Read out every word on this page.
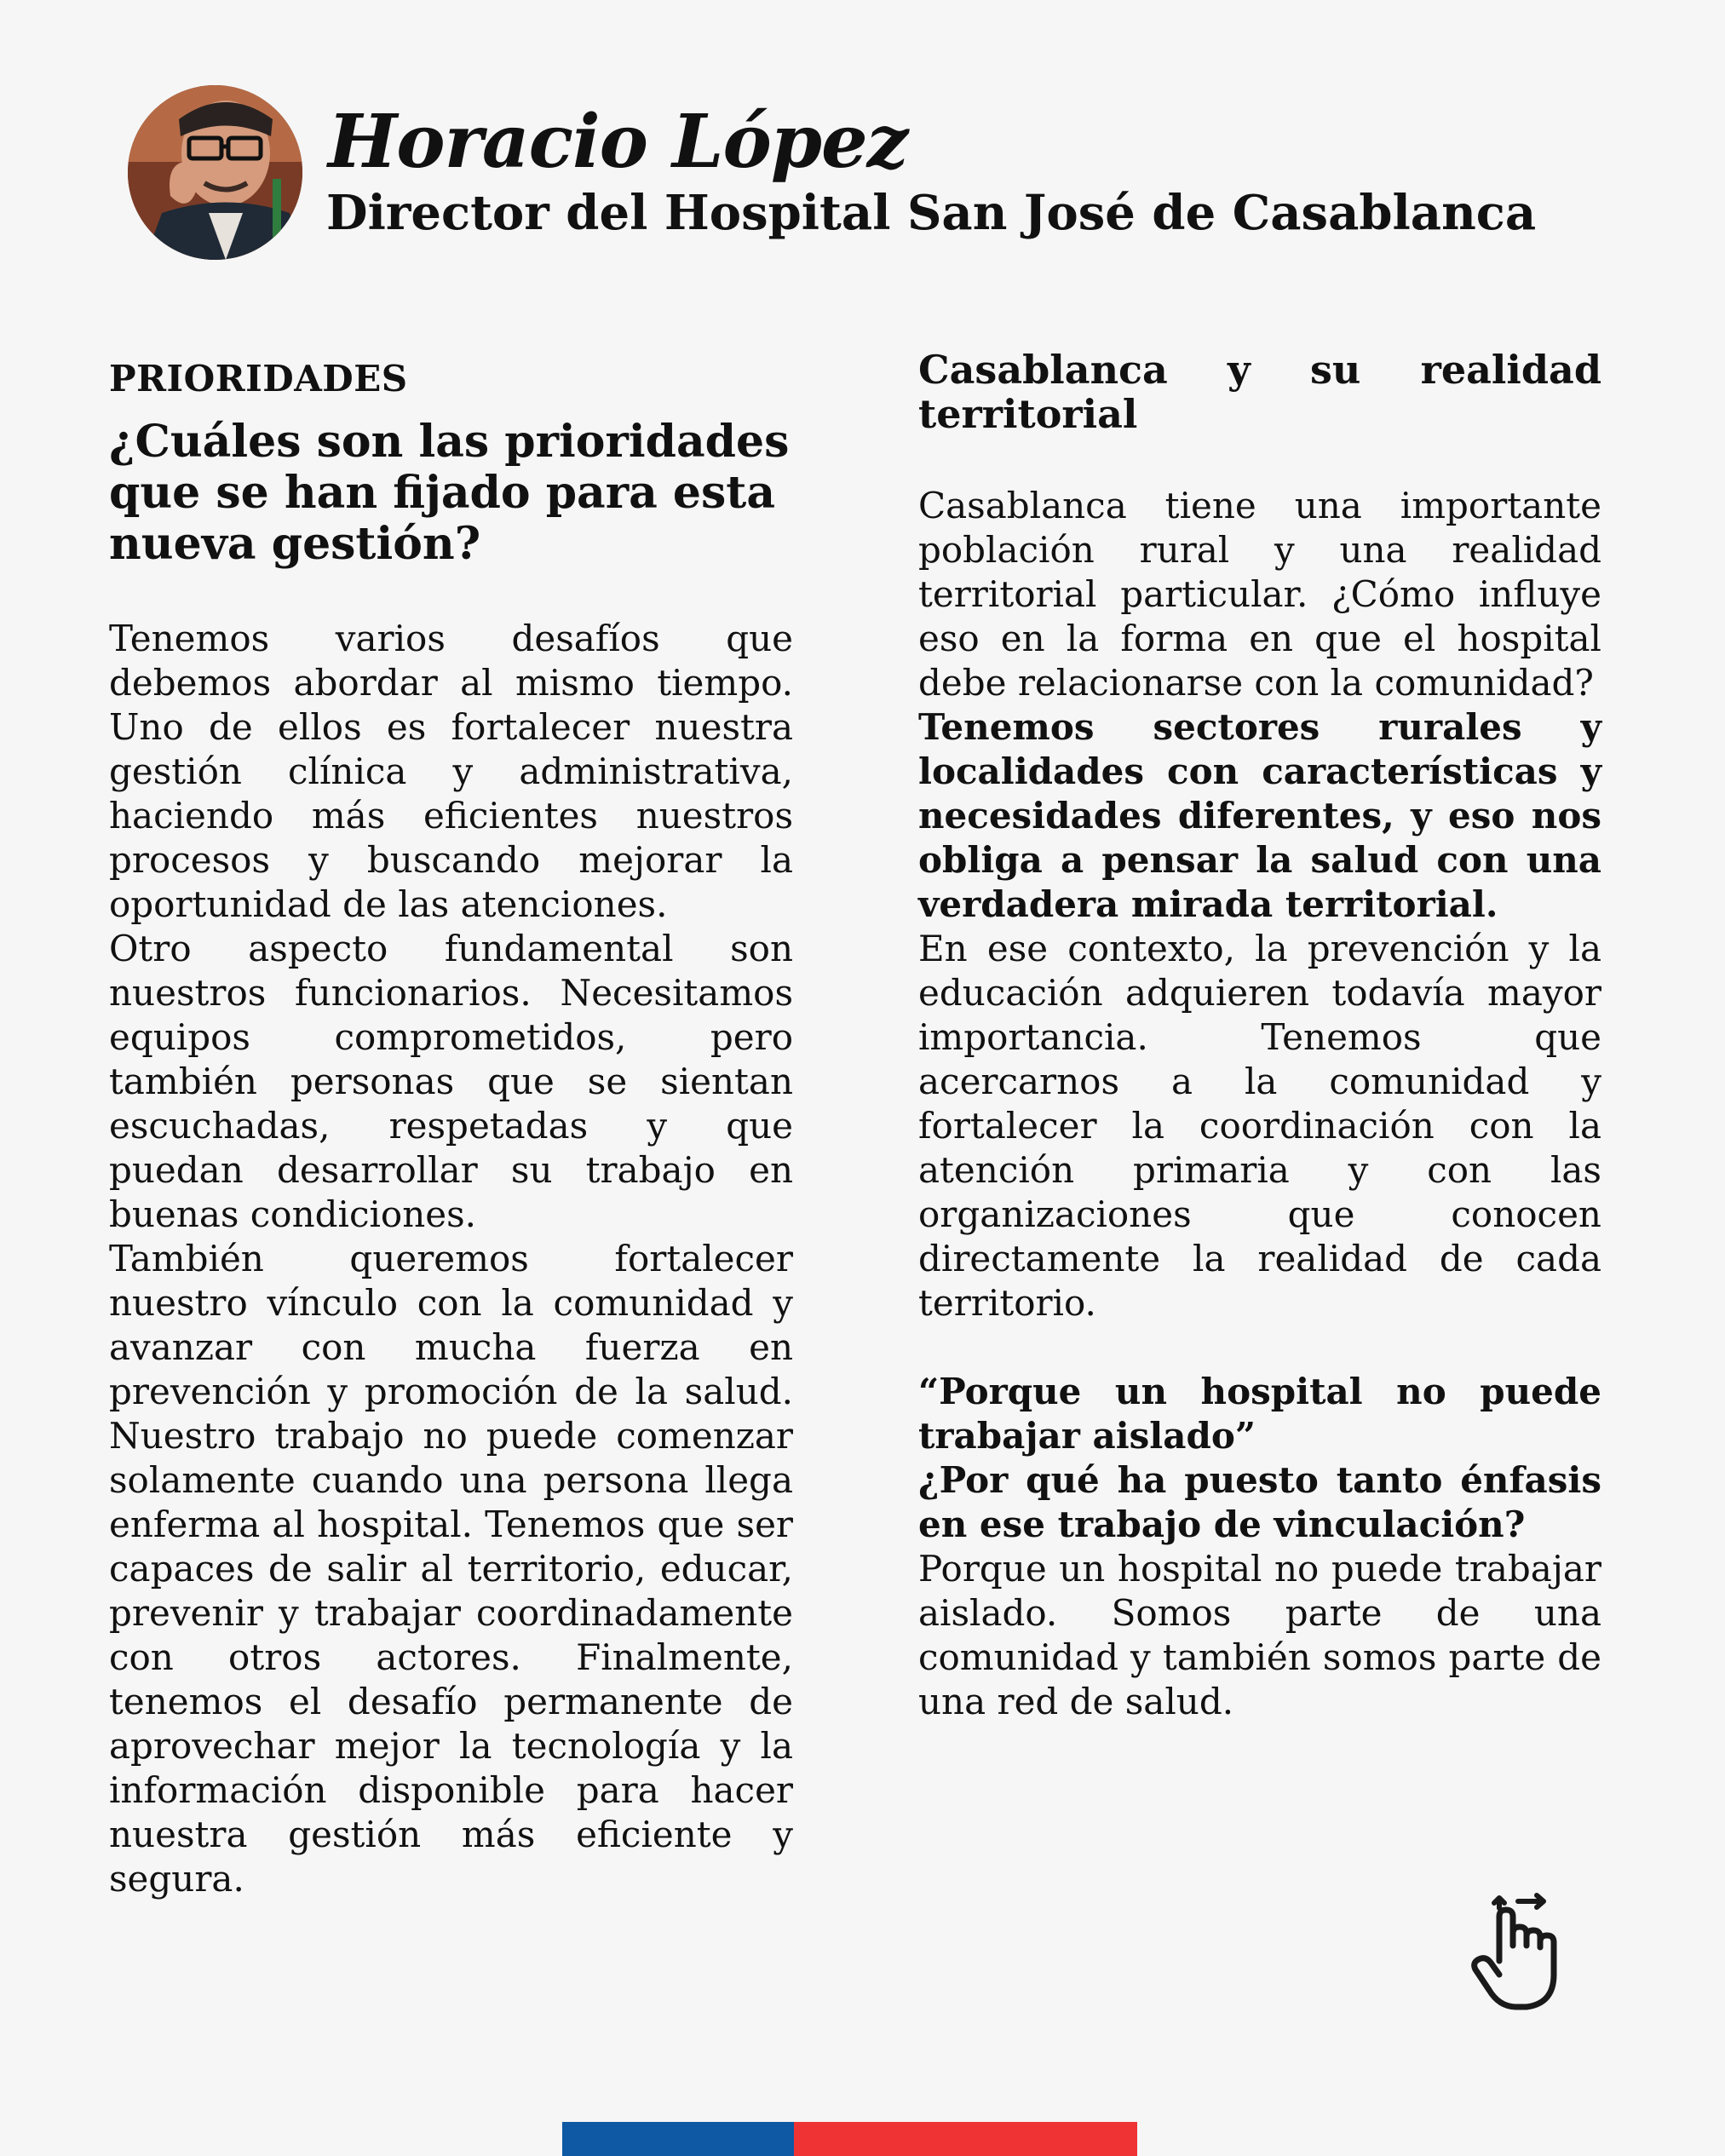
Horacio López
Director del Hospital San José de Casablanca
PRIORIDADES
¿Cuáles son las prioridades que se han fijado para esta nueva gestión?

Tenemos varios desafíos que debemos abordar al mismo tiempo. Uno de ellos es fortalecer nuestra gestión clínica y administrativa, haciendo más eficientes nuestros procesos y buscando mejorar la oportunidad de las atenciones.

Otro aspecto fundamental son nuestros funcionarios. Necesitamos equipos comprometidos, pero también personas que se sientan escuchadas, respetadas y que puedan desarrollar su trabajo en buenas condiciones.

También queremos fortalecer nuestro vínculo con la comunidad y avanzar con mucha fuerza en prevención y promoción de la salud. Nuestro trabajo no puede comenzar solamente cuando una persona llega enferma al hospital. Tenemos que ser capaces de salir al territorio, educar, prevenir y trabajar coordinadamente con otros actores. Finalmente, tenemos el desafío permanente de aprovechar mejor la tecnología y la información disponible para hacer nuestra gestión más eficiente y segura.

Casablanca y su realidad territorial

Casablanca tiene una importante población rural y una realidad territorial particular. ¿Cómo influye eso en la forma en que el hospital debe relacionarse con la comunidad?

Tenemos sectores rurales y localidades con características y necesidades diferentes, y eso nos obliga a pensar la salud con una verdadera mirada territorial.

En ese contexto, la prevención y la educación adquieren todavía mayor importancia. Tenemos que acercarnos a la comunidad y fortalecer la coordinación con la atención primaria y con las organizaciones que conocen directamente la realidad de cada territorio.

“Porque un hospital no puede trabajar aislado”

¿Por qué ha puesto tanto énfasis en ese trabajo de vinculación?

Porque un hospital no puede trabajar aislado. Somos parte de una comunidad y también somos parte de una red de salud.
